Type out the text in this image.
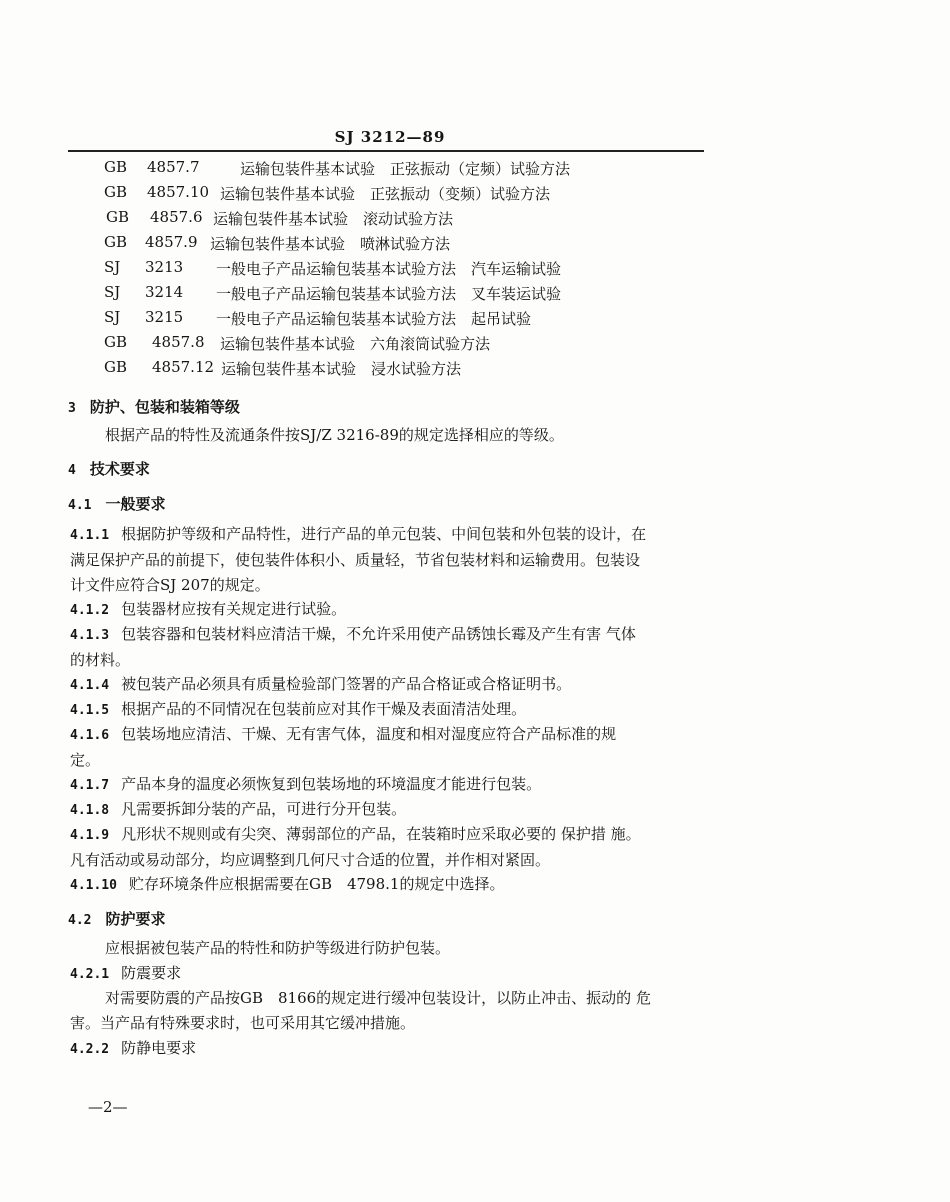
SJ 3212—89
GB 4857.7	运输包装件基本试验　正弦振动（定频）试验方法
GB 4857.10 运输包装件基本试验　正弦振动（变频）试验方法
GB 4857.6 运输包装件基本试验　滚动试验方法
GB 4857.9 运输包装件基本试验　喷淋试验方法
SJ 3213 一般电子产品运输包装基本试验方法　汽车运输试验
SJ 3214 一般电子产品运输包装基本试验方法　叉车装运试验
SJ 3215 一般电子产品运输包装基本试验方法　起吊试验
GB 4857.8 运输包装件基本试验　六角滚筒试验方法
GB 4857.12 运输包装件基本试验　浸水试验方法
3 防护、包装和装箱等级
根据产品的特性及流通条件按SJ/Z 3216-89的规定选择相应的等级。
4 技术要求
4.1 一般要求
4.1.1 根据防护等级和产品特性，进行产品的单元包装、中间包装和外包装的设计，在
满足保护产品的前提下，使包装件体积小、质量轻，节省包装材料和运输费用。包装设
计文件应符合SJ 207的规定。
4.1.2 包装器材应按有关规定进行试验。
4.1.3 包装容器和包装材料应清洁干燥，不允许采用使产品锈蚀长霉及产生有害 气体
的材料。
4.1.4 被包装产品必须具有质量检验部门签署的产品合格证或合格证明书。
4.1.5 根据产品的不同情况在包装前应对其作干燥及表面清洁处理。
4.1.6 包装场地应清洁、干燥、无有害气体，温度和相对湿度应符合产品标准的规
定。
4.1.7 产品本身的温度必须恢复到包装场地的环境温度才能进行包装。
4.1.8 凡需要拆卸分装的产品，可进行分开包装。
4.1.9 凡形状不规则或有尖突、薄弱部位的产品，在装箱时应采取必要的 保护措 施。
凡有活动或易动部分，均应调整到几何尺寸合适的位置，并作相对紧固。
4.1.10 贮存环境条件应根据需要在GB　4798.1的规定中选择。
4.2 防护要求
应根据被包装产品的特性和防护等级进行防护包装。
4.2.1 防震要求
对需要防震的产品按GB　8166的规定进行缓冲包装设计，以防止冲击、振动的 危
害。当产品有特殊要求时，也可采用其它缓冲措施。
4.2.2 防静电要求
—2—
